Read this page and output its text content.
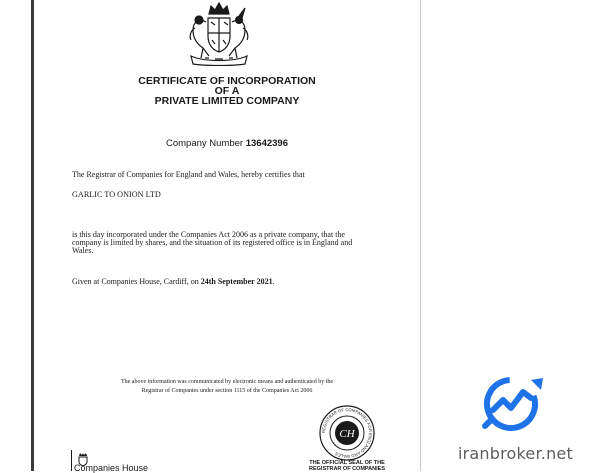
CERTIFICATE OF INCORPORATION
OF A
PRIVATE LIMITED COMPANY
Company Number 13642396
The Registrar of Companies for England and Wales, hereby certifies that
GARLIC TO ONION LTD
is this day incorporated under the Companies Act 2006 as a private company, that the company is limited by shares, and the situation of its registered office is in England and Wales.
Given at Companies House, Cardiff, on 24th September 2021.
The above information was communicated by electronic means and authenticated by the
Registrar of Companies under section 1115 of the Companies Act 2006
CH
REGISTRAR OF COMPANIES FOR ENGLAND AND WALES
THE OFFICIAL SEAL OF THE
REGISTRAR OF COMPANIES
Companies House
iranbroker.net
